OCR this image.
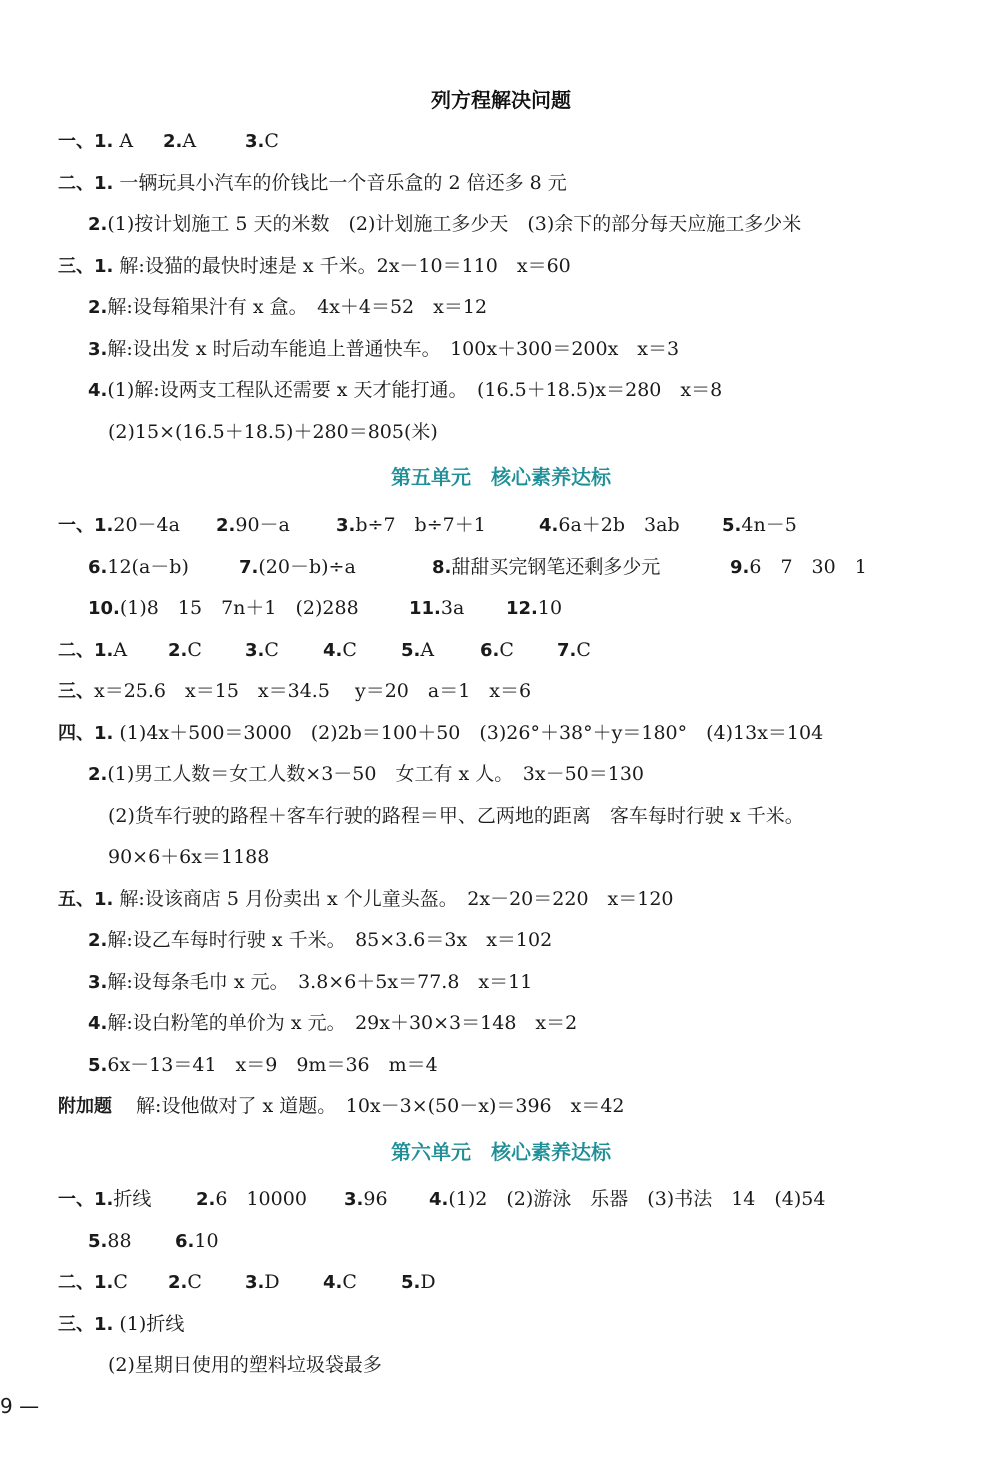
列方程解决问题
一、1. A 2.A	3.C
二、1. 一辆玩具小汽车的价钱比一个音乐盒的 2 倍还多 8 元
2.(1)按计划施工 5 天的米数　(2)计划施工多少天　(3)余下的部分每天应施工多少米
三、1. 解:设猫的最快时速是 x 千米。2x－10＝110　x＝60
2.解:设每箱果汁有 x 盒。　4x＋4＝52　x＝12
3.解:设出发 x 时后动车能追上普通快车。　100x＋300＝200x　x＝3
4.(1)解:设两支工程队还需要 x 天才能打通。　(16.5＋18.5)x＝280　x＝8
(2)15×(16.5＋18.5)＋280＝805(米)
第五单元　核心素养达标
一、1.20－4a 2.90－a	3.b÷7　b÷7＋1	4.6a＋2b　3ab 5.4n－5
6.12(a－b)	7.(20－b)÷a	8.甜甜买完钢笔还剩多少元	9.6　7　30　1
10.(1)8　15　7n＋1　(2)288	11.3a 12.10
二、1.A 2.C 3.C 4.C 5.A	6.C 7.C
三、x＝25.6　x＝15　x＝34.5　 y＝20　a＝1　x＝6
四、1. (1)4x＋500＝3000　(2)2b＝100＋50　(3)26°＋38°＋y＝180°　(4)13x＝104
2.(1)男工人数＝女工人数×3－50　女工有 x 人。　3x－50＝130
(2)货车行驶的路程＋客车行驶的路程＝甲、乙两地的距离　客车每时行驶 x 千米。
90×6＋6x＝1188
五、1. 解:设该商店 5 月份卖出 x 个儿童头盔。　2x－20＝220　x＝120
2.解:设乙车每时行驶 x 千米。　85×3.6＝3x　x＝102
3.解:设每条毛巾 x 元。　3.8×6＋5x＝77.8　x＝11
4.解:设白粉笔的单价为 x 元。　29x＋30×3＝148　x＝2
5.6x－13＝41　x＝9　9m＝36　m＝4
附加题 解:设他做对了 x 道题。　10x－3×(50－x)＝396　x＝42
第六单元　核心素养达标
一、1.折线 2.6　10000 3.96 4.(1)2　(2)游泳　乐器　(3)书法　14　(4)54
5.88 6.10
二、1.C 2.C 3.D 4.C 5.D
三、1. (1)折线
(2)星期日使用的塑料垃圾袋最多
9 —
